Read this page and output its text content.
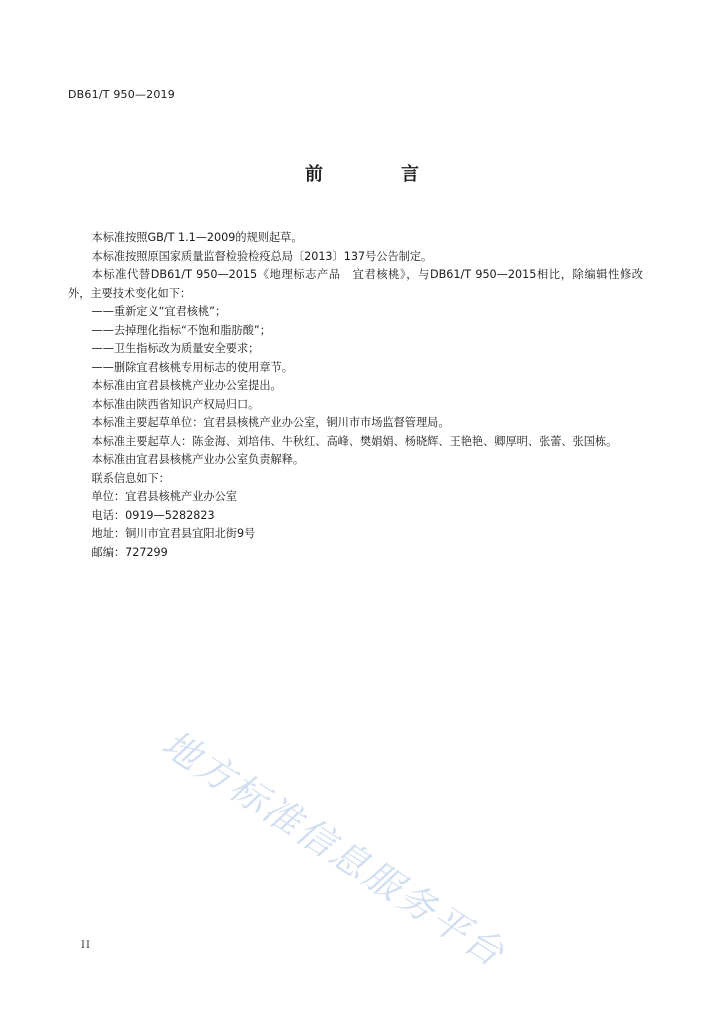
DB61/T 950—2019
前　言

本标准按照GB/T 1.1—2009的规则起草。

本标准按照原国家质量监督检验检疫总局〔2013〕137号公告制定。

本标准代替DB61/T 950—2015《地理标志产品　宜君核桃》，与DB61/T 950—2015相比，除编辑性修改外，主要技术变化如下：

——重新定义“宜君核桃”；

——去掉理化指标“不饱和脂肪酸”；

——卫生指标改为质量安全要求；

——删除宜君核桃专用标志的使用章节。

本标准由宜君县核桃产业办公室提出。

本标准由陕西省知识产权局归口。

本标准主要起草单位：宜君县核桃产业办公室，铜川市市场监督管理局。

本标准主要起草人：陈金海、刘培伟、牛秋红、高峰、樊娟娟、杨晓辉、王艳艳、卿厚明、张蕾、张国栋。

本标准由宜君县核桃产业办公室负责解释。

联系信息如下：

单位：宜君县核桃产业办公室

电话：0919—5282823

地址：铜川市宜君县宜阳北街9号

邮编：727299

地方标准信息服务平台
II
